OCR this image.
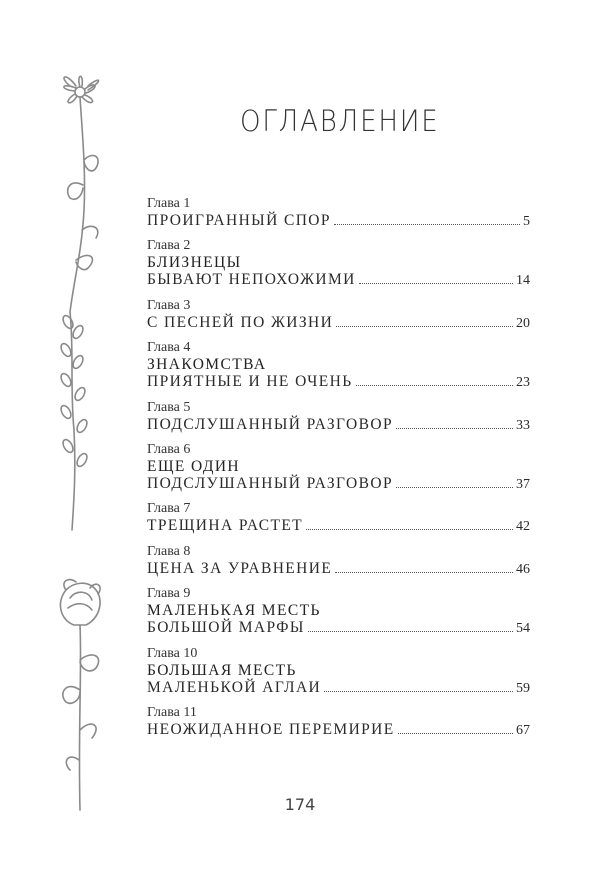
ОГЛАВЛЕНИЕ
Глава 1
ПРОИГРАННЫЙ СПОР	5
Глава 2
БЛИЗНЕЦЫ
БЫВАЮТ НЕПОХОЖИМИ	14
Глава 3
С ПЕСНЕЙ ПО ЖИЗНИ	20
Глава 4
ЗНАКОМСТВА
ПРИЯТНЫЕ И НЕ ОЧЕНЬ	23
Глава 5
ПОДСЛУШАННЫЙ РАЗГОВОР	33
Глава 6
ЕЩЕ ОДИН
ПОДСЛУШАННЫЙ РАЗГОВОР	37
Глава 7
ТРЕЩИНА РАСТЕТ	42
Глава 8
ЦЕНА ЗА УРАВНЕНИЕ	46
Глава 9
МАЛЕНЬКАЯ МЕСТЬ
БОЛЬШОЙ МАРФЫ	54
Глава 10
БОЛЬШАЯ МЕСТЬ
МАЛЕНЬКОЙ АГЛАИ	59
Глава 11
НЕОЖИДАННОЕ ПЕРЕМИРИЕ	67
174
